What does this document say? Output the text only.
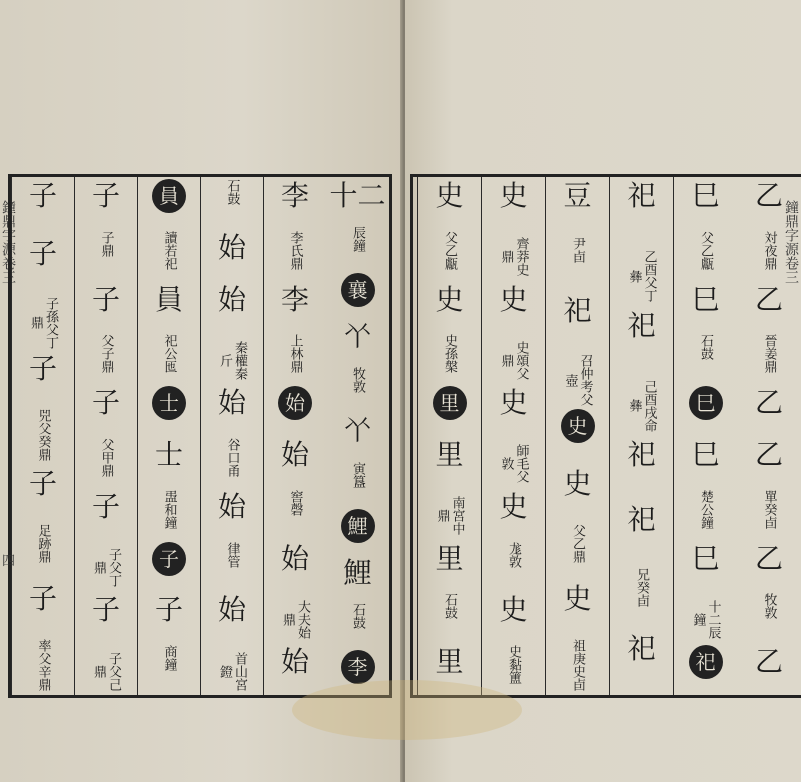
鐘鼎字源卷三
十二
辰鐘
襄
𠁥
牧敦
𠁥
寅簋
鯉
鯉
石鼓
李
李
李氏鼎
李
上林鼎
始
始
窖磬
始
大夫始鼎
始
石鼓
始
始
秦權秦斤
始
谷口甬
始
律管
始
首山宮鐙
員
讀若祀
員
祀公匜
士
士
盄和鐘
子
子
商鐘
子
子鼎
子
父子鼎
子
父甲鼎
子
子父丁鼎
子
子父己鼎
子
子
子孫父丁鼎
子
兕父癸鼎
子
足跡鼎
子
率父辛鼎
四
鐘鼎字源卷三
乙
対夜鼎
乙
晉姜鼎
乙
乙
單癸卣
乙
牧敦
乙
巳
父乙甗
巳
石鼓
巳
巳
楚公鐘
巳
十二辰鐘
祀
祀
乙酉父丁彝
祀
己酉戌命彝
祀
祀
兄癸卣
祀
豆
尹卣
祀
召仲考父壺
史
史
父乙鼎
史
祖庚史卣
史
齊莽史鼎
史
史頌父鼎
史
師毛父敦
史
尨敦
史
史黏簠
史
父乙甗
史
史孫槃
里
里
南宮中鼎
里
石鼓
里
